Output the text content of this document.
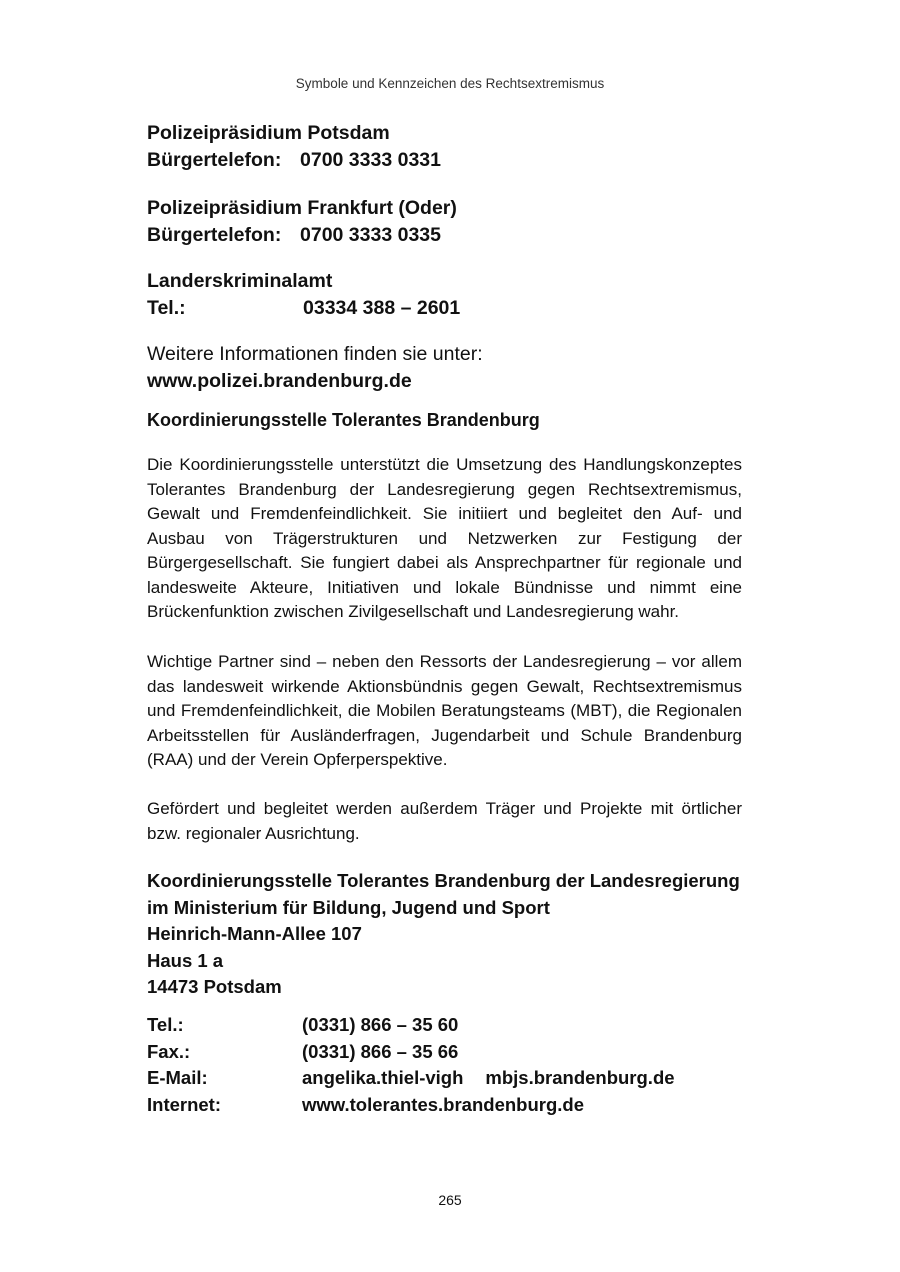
Symbole und Kennzeichen des Rechtsextremismus
Polizeipräsidium Potsdam
Bürgertelefon: 0700 3333 0331
Polizeipräsidium Frankfurt (Oder)
Bürgertelefon: 0700 3333 0335
Landerskriminalamt
Tel.:	03334 388 – 2601
Weitere Informationen finden sie unter:
www.polizei.brandenburg.de
Koordinierungsstelle Tolerantes Brandenburg

Die Koordinierungsstelle unterstützt die Umsetzung des Handlungskonzeptes Tolerantes Brandenburg der Landesregierung gegen Rechtsextremismus, Gewalt und Fremdenfeindlichkeit. Sie initiiert und begleitet den Auf- und Ausbau von Trägerstrukturen und Netzwerken zur Festigung der Bürgergesellschaft. Sie fungiert dabei als Ansprechpartner für regionale und landesweite Akteure, Initiativen und lokale Bündnisse und nimmt eine Brückenfunktion zwischen Zivilgesellschaft und Landesregierung wahr.

Wichtige Partner sind – neben den Ressorts der Landesregierung – vor allem das landesweit wirkende Aktionsbündnis gegen Gewalt, Rechtsextremismus und Fremdenfeindlichkeit, die Mobilen Beratungsteams (MBT), die Regionalen Arbeitsstellen für Ausländerfragen, Jugendarbeit und Schule Brandenburg (RAA) und der Verein Opferperspektive.

Gefördert und begleitet werden außerdem Träger und Projekte mit örtlicher bzw. regionaler Ausrichtung.

Koordinierungsstelle Tolerantes Brandenburg der Landesregierung
im Ministerium für Bildung, Jugend und Sport
Heinrich-Mann-Allee 107
Haus 1 a
14473 Potsdam
Tel.:	(0331) 866 – 35 60
Fax.:	(0331) 866 – 35 66
E-Mail:	angelika.thiel-vigh mbjs.brandenburg.de
Internet:	www.tolerantes.brandenburg.de
265
